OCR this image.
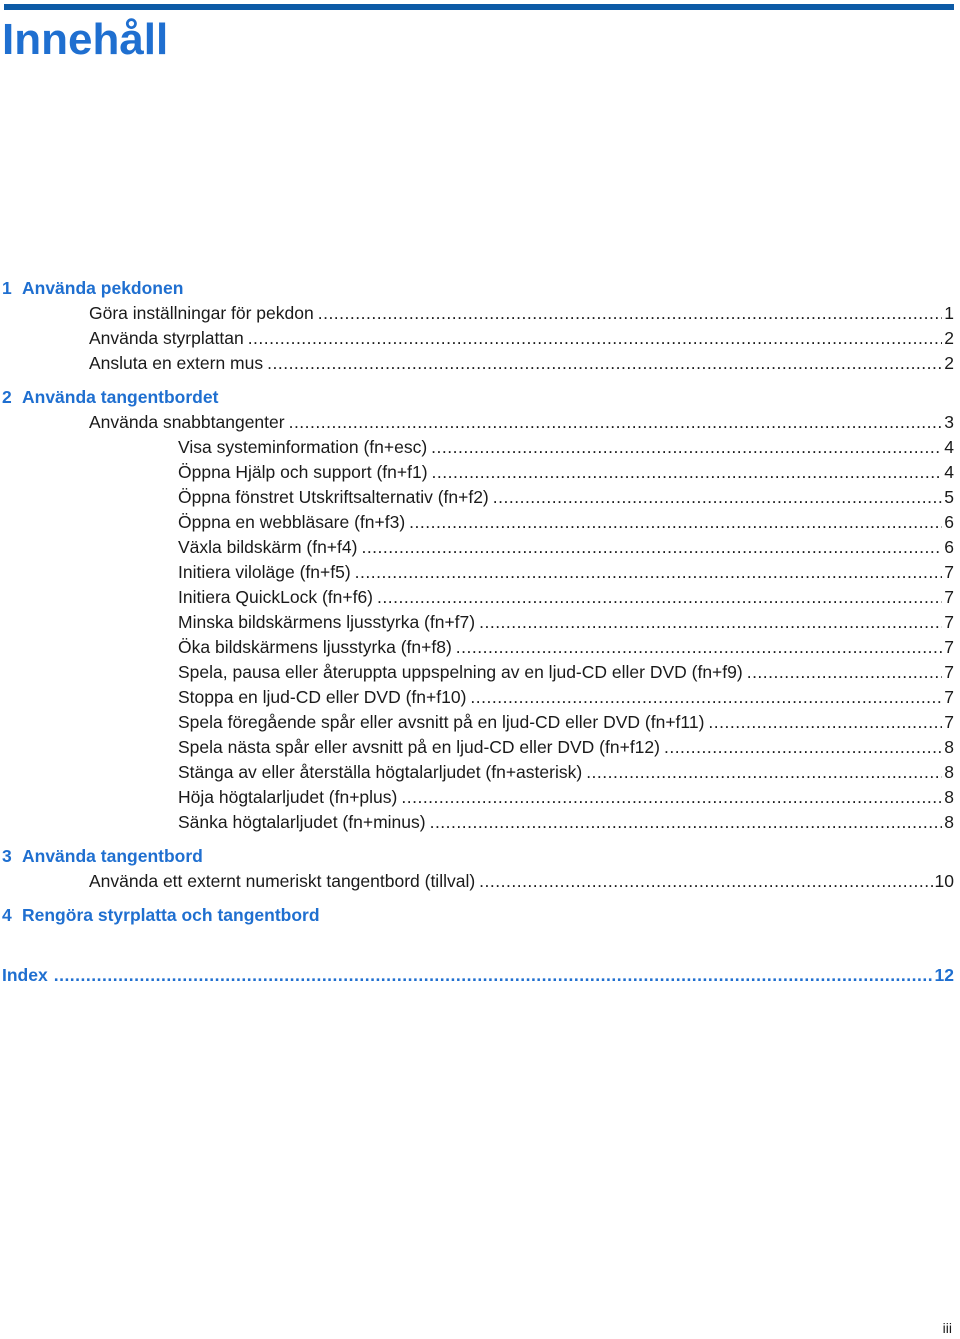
Innehåll
1 Använda pekdonen
Göra inställningar för pekdon .....	1
Använda styrplattan .....	2
Ansluta en extern mus .....	2
2 Använda tangentbordet
Använda snabbtangenter .....	3
Visa systeminformation (fn+esc) .....	4
Öppna Hjälp och support (fn+f1) .....	4
Öppna fönstret Utskriftsalternativ (fn+f2) .....	5
Öppna en webbläsare (fn+f3) .....	6
Växla bildskärm (fn+f4) .....	6
Initiera viloläge (fn+f5) .....	7
Initiera QuickLock (fn+f6) .....	7
Minska bildskärmens ljusstyrka (fn+f7) .....	7
Öka bildskärmens ljusstyrka (fn+f8) .....	7
Spela, pausa eller återuppta uppspelning av en ljud-CD eller DVD (fn+f9) .....	7
Stoppa en ljud-CD eller DVD (fn+f10) .....	7
Spela föregående spår eller avsnitt på en ljud-CD eller DVD (fn+f11) .....	7
Spela nästa spår eller avsnitt på en ljud-CD eller DVD (fn+f12) .....	8
Stänga av eller återställa högtalarljudet (fn+asterisk) .....	8
Höja högtalarljudet (fn+plus) .....	8
Sänka högtalarljudet (fn+minus) .....	8
3 Använda tangentbord
Använda ett externt numeriskt tangentbord (tillval) .....	10
4 Rengöra styrplatta och tangentbord
Index .....	12
iii
